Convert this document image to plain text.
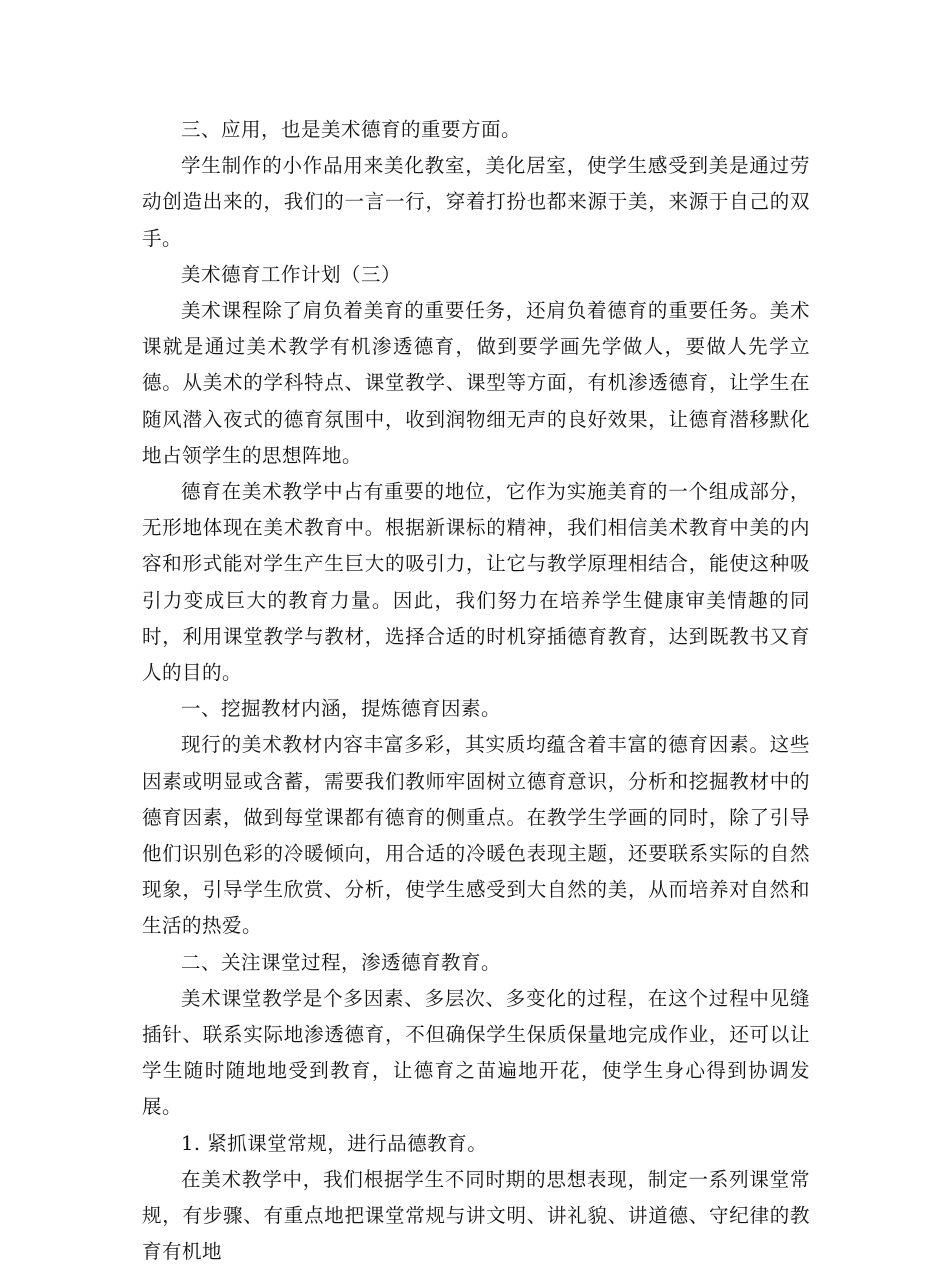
三、应用，也是美术德育的重要方面。

学生制作的小作品用来美化教室，美化居室，使学生感受到美是通过劳动创造出来的，我们的一言一行，穿着打扮也都来源于美，来源于自己的双手。

美术德育工作计划（三）

美术课程除了肩负着美育的重要任务，还肩负着德育的重要任务。美术课就是通过美术教学有机渗透德育，做到要学画先学做人，要做人先学立德。从美术的学科特点、课堂教学、课型等方面，有机渗透德育，让学生在随风潜入夜式的德育氛围中，收到润物细无声的良好效果，让德育潜移默化地占领学生的思想阵地。

德育在美术教学中占有重要的地位，它作为实施美育的一个组成部分，无形地体现在美术教育中。根据新课标的精神，我们相信美术教育中美的内容和形式能对学生产生巨大的吸引力，让它与教学原理相结合，能使这种吸引力变成巨大的教育力量。因此，我们努力在培养学生健康审美情趣的同时，利用课堂教学与教材，选择合适的时机穿插德育教育，达到既教书又育人的目的。

一、挖掘教材内涵，提炼德育因素。

现行的美术教材内容丰富多彩，其实质均蕴含着丰富的德育因素。这些因素或明显或含蓄，需要我们教师牢固树立德育意识，分析和挖掘教材中的德育因素，做到每堂课都有德育的侧重点。在教学生学画的同时，除了引导他们识别色彩的冷暖倾向，用合适的冷暖色表现主题，还要联系实际的自然现象，引导学生欣赏、分析，使学生感受到大自然的美，从而培养对自然和生活的热爱。

二、关注课堂过程，渗透德育教育。

美术课堂教学是个多因素、多层次、多变化的过程，在这个过程中见缝插针、联系实际地渗透德育，不但确保学生保质保量地完成作业，还可以让学生随时随地地受到教育，让德育之苗遍地开花，使学生身心得到协调发展。

1. 紧抓课堂常规，进行品德教育。

在美术教学中，我们根据学生不同时期的思想表现，制定一系列课堂常规，有步骤、有重点地把课堂常规与讲文明、讲礼貌、讲道德、守纪律的教育有机地
